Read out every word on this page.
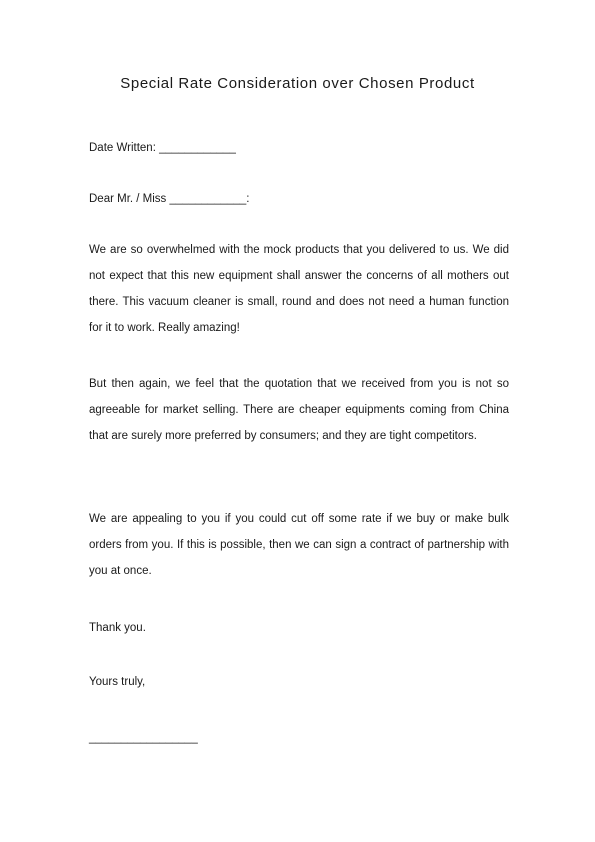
Special Rate Consideration over Chosen Product

Date Written: ____________

Dear Mr. / Miss ____________:

We are so overwhelmed with the mock products that you delivered to us. We did not expect that this new equipment shall answer the concerns of all mothers out there. This vacuum cleaner is small, round and does not need a human function for it to work. Really amazing!

But then again, we feel that the quotation that we received from you is not so agreeable for market selling. There are cheaper equipments coming from China that are surely more preferred by consumers; and they are tight competitors.

We are appealing to you if you could cut off some rate if we buy or make bulk orders from you. If this is possible, then we can sign a contract of partnership with you at once.

Thank you.

Yours truly,

_________________
